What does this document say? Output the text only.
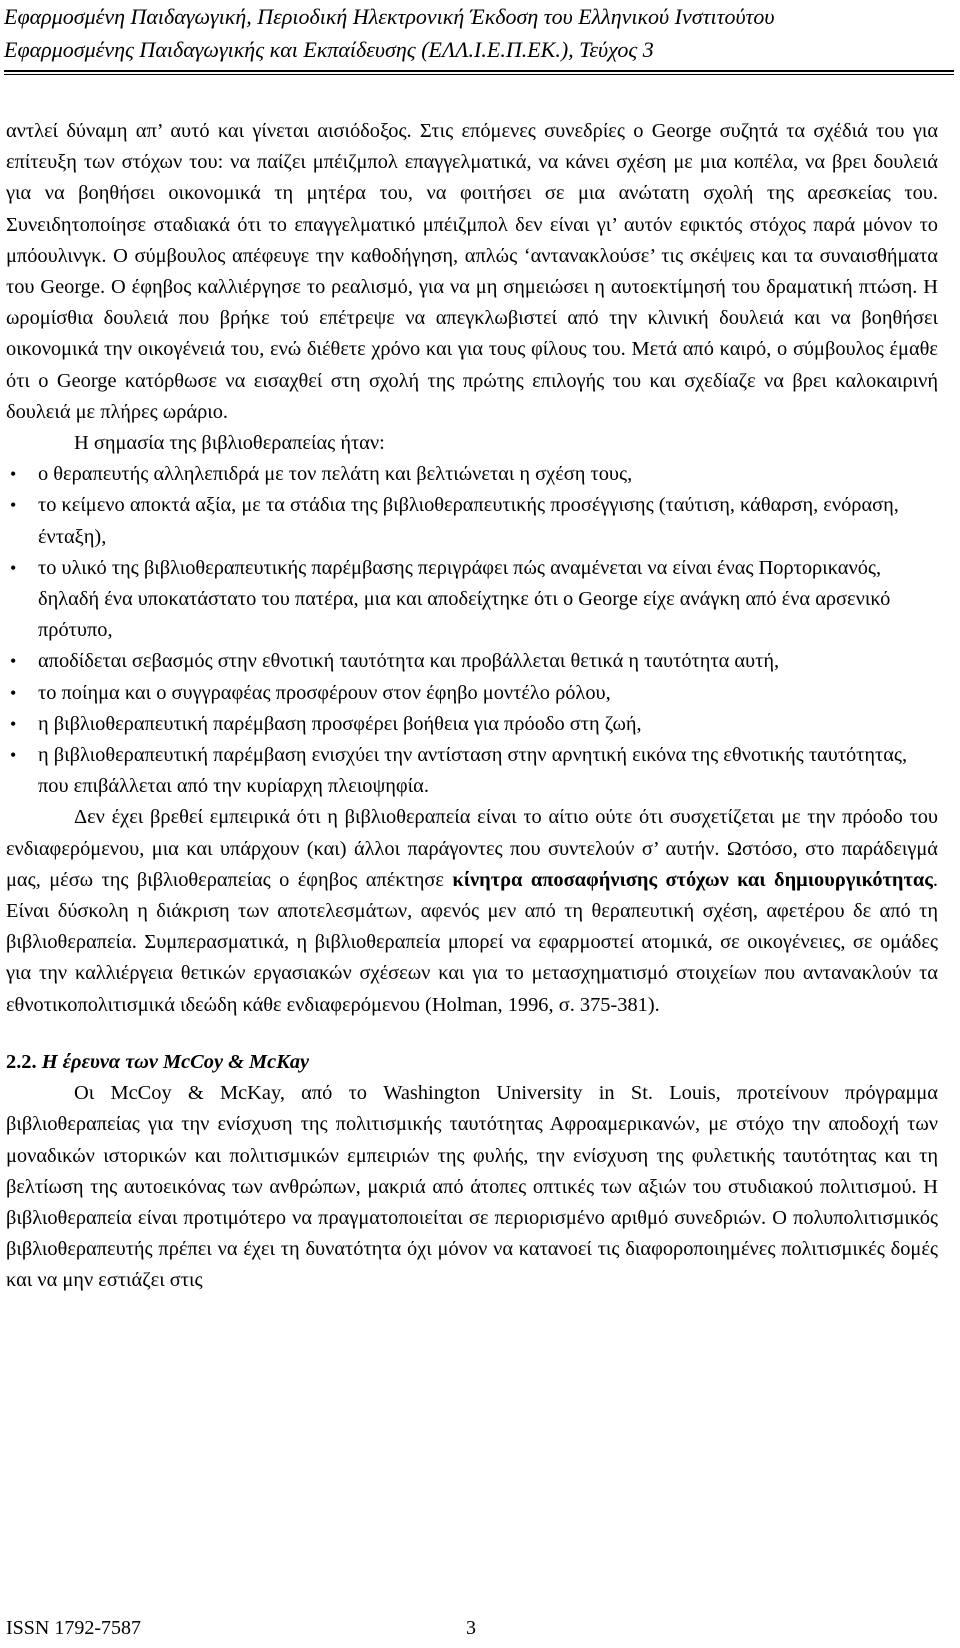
Εφαρμοσμένη Παιδαγωγική, Περιοδική Ηλεκτρονική Έκδοση του Ελληνικού Ινστιτούτου
Εφαρμοσμένης Παιδαγωγικής και Εκπαίδευσης (ΕΛΛ.Ι.Ε.Π.ΕΚ.), Τεύχος 3

αντλεί δύναμη απ’ αυτό και γίνεται αισιόδοξος. Στις επόμενες συνεδρίες ο George συζητά τα σχέδιά του για επίτευξη των στόχων του: να παίζει μπέιζμπολ επαγγελματικά, να κάνει σχέση με μια κοπέλα, να βρει δουλειά για να βοηθήσει οικονομικά τη μητέρα του, να φοιτήσει σε μια ανώτατη σχολή της αρεσκείας του. Συνειδητοποίησε σταδιακά ότι το επαγγελματικό μπέιζμπολ δεν είναι γι’ αυτόν εφικτός στόχος παρά μόνον το μπόουλινγκ. Ο σύμβουλος απέφευγε την καθοδήγηση, απλώς ‘αντανακλούσε’ τις σκέψεις και τα συναισθήματα του George. Ο έφηβος καλλιέργησε το ρεαλισμό, για να μη σημειώσει η αυτοεκτίμησή του δραματική πτώση. Η ωρομίσθια δουλειά που βρήκε τού επέτρεψε να απεγκλωβιστεί από την κλινική δουλειά και να βοηθήσει οικονομικά την οικογένειά του, ενώ διέθετε χρόνο και για τους φίλους του. Μετά από καιρό, ο σύμβουλος έμαθε ότι ο George κατόρθωσε να εισαχθεί στη σχολή της πρώτης επιλογής του και σχεδίαζε να βρει καλοκαιρινή δουλειά με πλήρες ωράριο.

Η σημασία της βιβλιοθεραπείας ήταν:

• ο θεραπευτής αλληλεπιδρά με τον πελάτη και βελτιώνεται η σχέση τους,
• το κείμενο αποκτά αξία, με τα στάδια της βιβλιοθεραπευτικής προσέγγισης (ταύτιση, κάθαρση, ενόραση, ένταξη),
• το υλικό της βιβλιοθεραπευτικής παρέμβασης περιγράφει πώς αναμένεται να είναι ένας Πορτορικανός, δηλαδή ένα υποκατάστατο του πατέρα, μια και αποδείχτηκε ότι ο George είχε ανάγκη από ένα αρσενικό πρότυπο,
• αποδίδεται σεβασμός στην εθνοτική ταυτότητα και προβάλλεται θετικά η ταυτότητα αυτή,
• το ποίημα και ο συγγραφέας προσφέρουν στον έφηβο μοντέλο ρόλου,
• η βιβλιοθεραπευτική παρέμβαση προσφέρει βοήθεια για πρόοδο στη ζωή,
• η βιβλιοθεραπευτική παρέμβαση ενισχύει την αντίσταση στην αρνητική εικόνα της εθνοτικής ταυτότητας, που επιβάλλεται από την κυρίαρχη πλειοψηφία.

Δεν έχει βρεθεί εμπειρικά ότι η βιβλιοθεραπεία είναι το αίτιο ούτε ότι συσχετίζεται με την πρόοδο του ενδιαφερόμενου, μια και υπάρχουν (και) άλλοι παράγοντες που συντελούν σ’ αυτήν. Ωστόσο, στο παράδειγμά μας, μέσω της βιβλιοθεραπείας ο έφηβος απέκτησε κίνητρα αποσαφήνισης στόχων και δημιουργικότητας. Είναι δύσκολη η διάκριση των αποτελεσμάτων, αφενός μεν από τη θεραπευτική σχέση, αφετέρου δε από τη βιβλιοθεραπεία. Συμπερασματικά, η βιβλιοθεραπεία μπορεί να εφαρμοστεί ατομικά, σε οικογένειες, σε ομάδες για την καλλιέργεια θετικών εργασιακών σχέσεων και για το μετασχηματισμό στοιχείων που αντανακλούν τα εθνοτικοπολιτισμικά ιδεώδη κάθε ενδιαφερόμενου (Holman, 1996, σ. 375-381).

2.2. Η έρευνα των McCoy & McKay

Οι McCoy & McKay, από το Washington University in St. Louis, προτείνουν πρόγραμμα βιβλιοθεραπείας για την ενίσχυση της πολιτισμικής ταυτότητας Αφροαμερικανών, με στόχο την αποδοχή των μοναδικών ιστορικών και πολιτισμικών εμπειριών της φυλής, την ενίσχυση της φυλετικής ταυτότητας και τη βελτίωση της αυτοεικόνας των ανθρώπων, μακριά από άτοπες οπτικές των αξιών του στυδιακού πολιτισμού. Η βιβλιοθεραπεία είναι προτιμότερο να πραγματοποιείται σε περιορισμένο αριθμό συνεδριών. Ο πολυπολιτισμικός βιβλιοθεραπευτής πρέπει να έχει τη δυνατότητα όχι μόνον να κατανοεί τις διαφοροποιημένες πολιτισμικές δομές και να μην εστιάζει στις

ISSN 1792-7587	3
